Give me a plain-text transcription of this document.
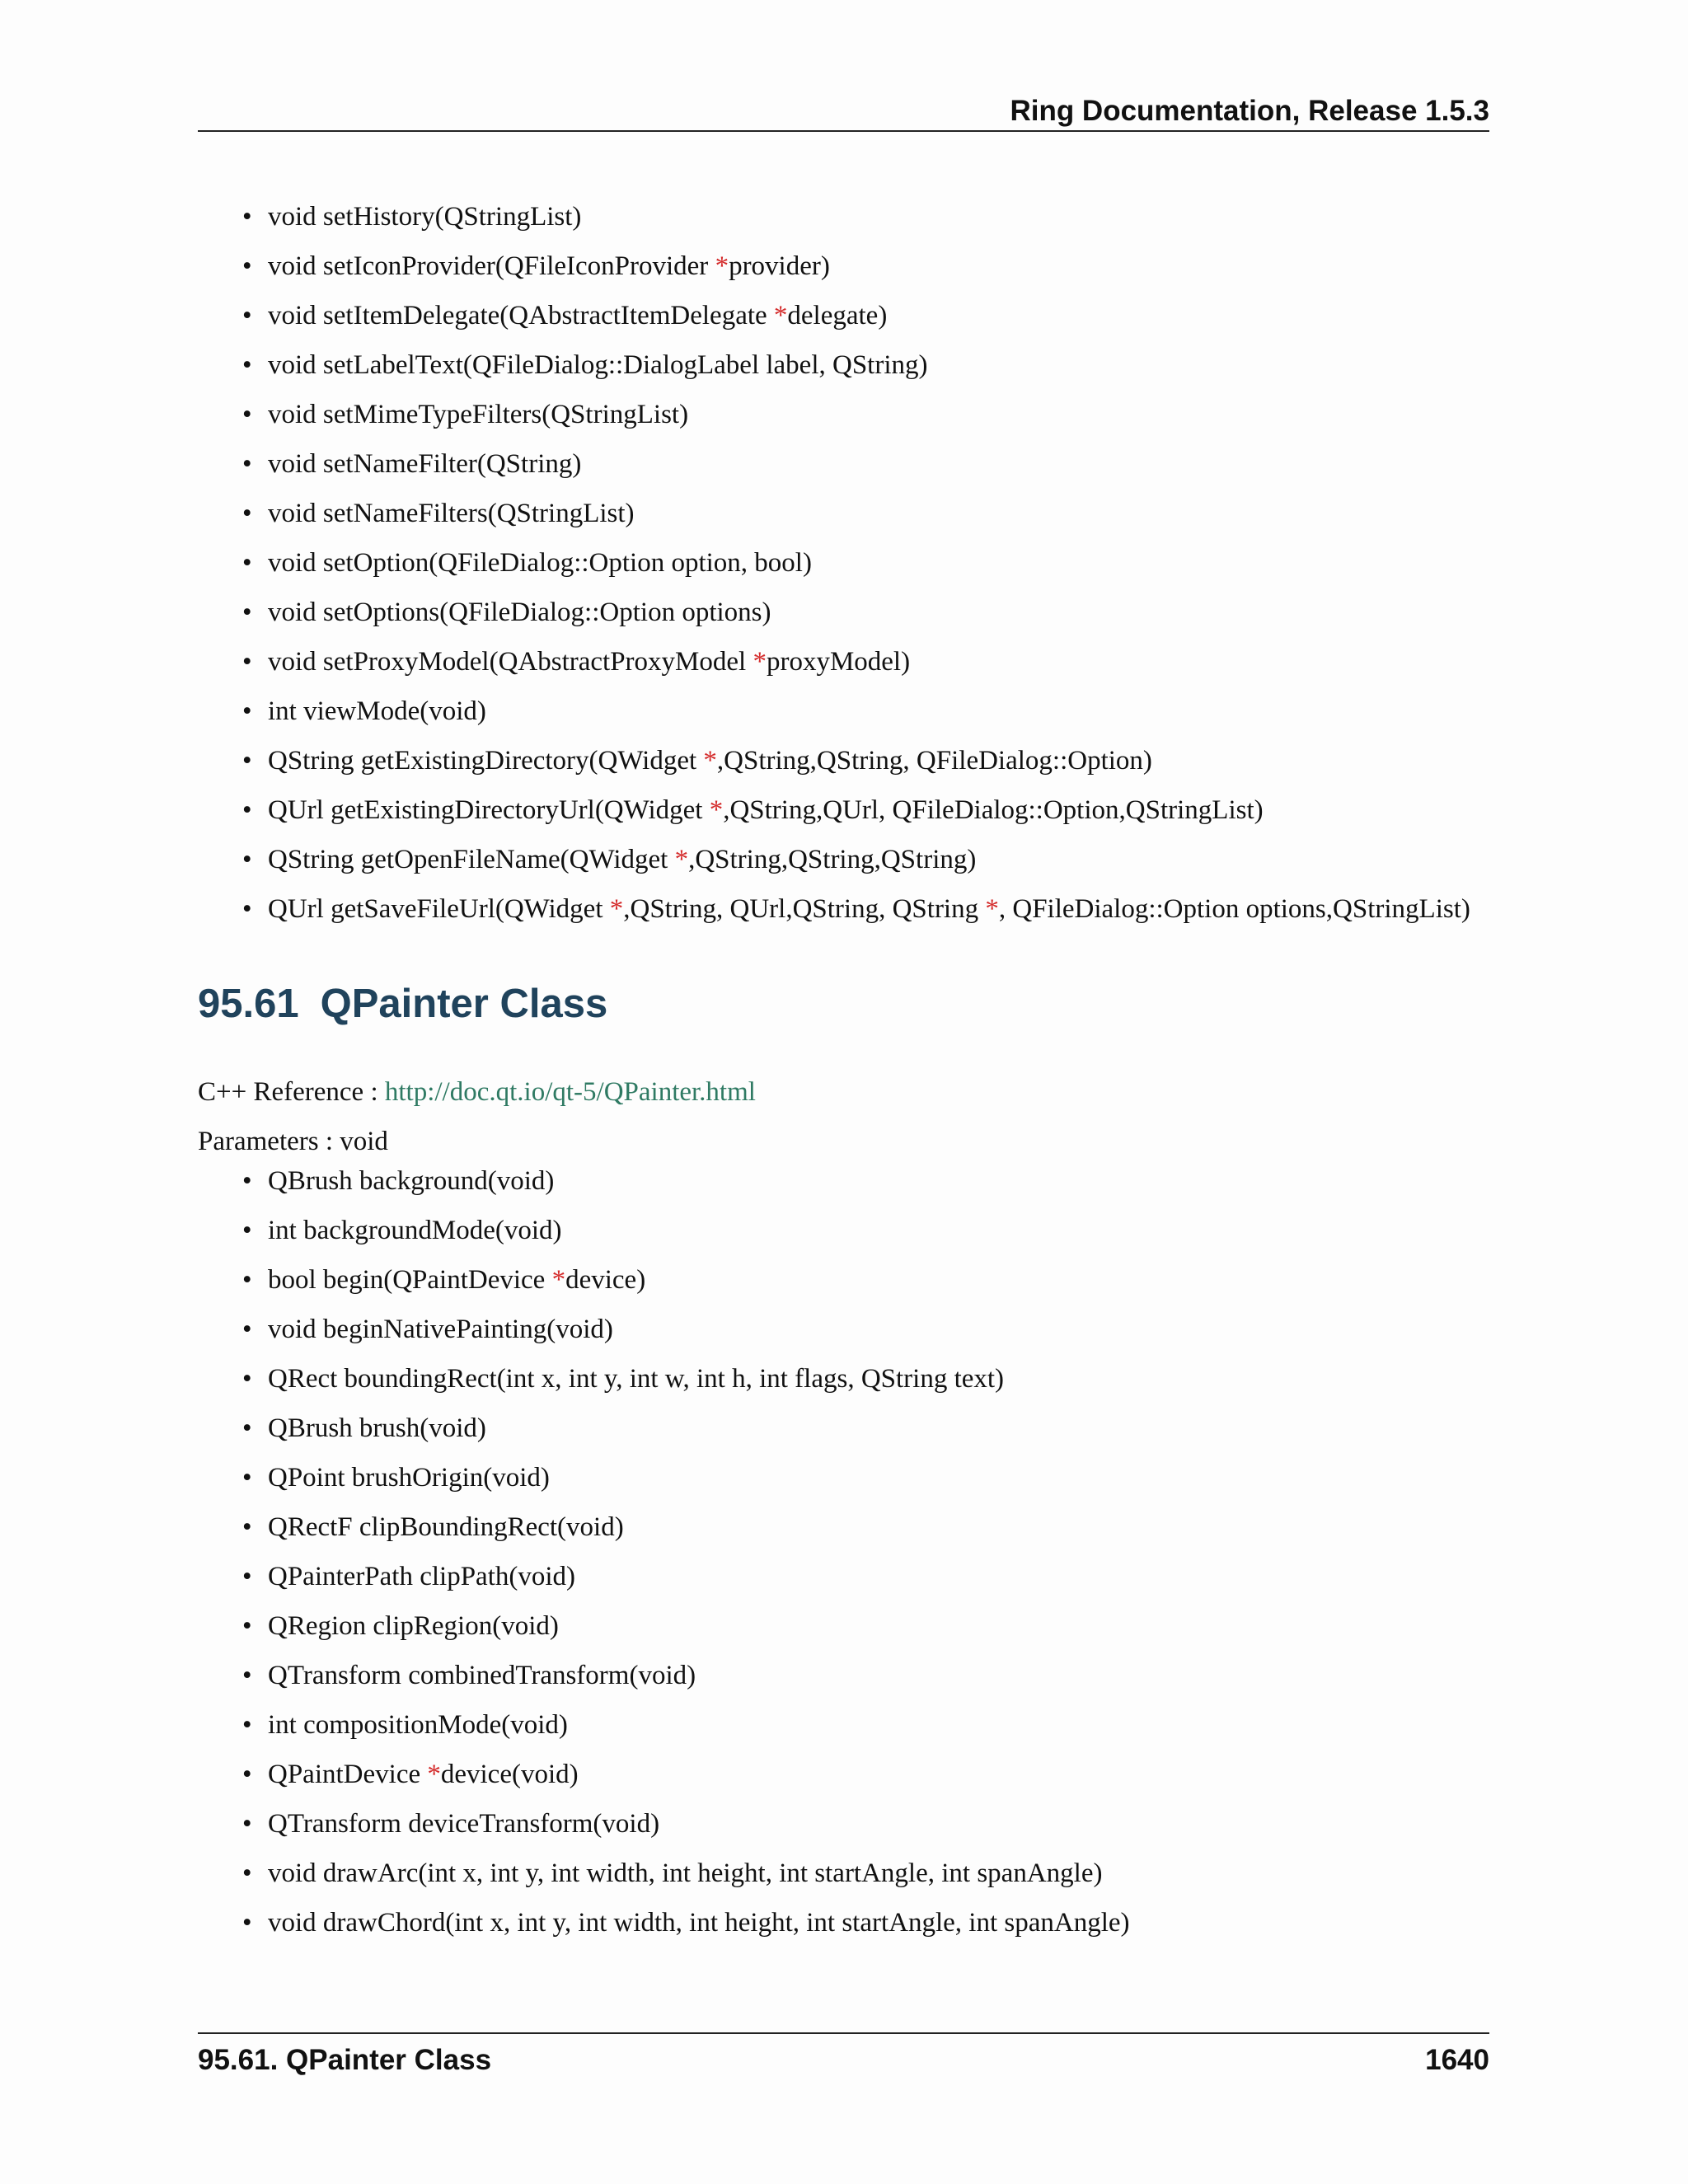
Ring Documentation, Release 1.5.3
• void setHistory(QStringList)
• void setIconProvider(QFileIconProvider *provider)
• void setItemDelegate(QAbstractItemDelegate *delegate)
• void setLabelText(QFileDialog::DialogLabel label, QString)
• void setMimeTypeFilters(QStringList)
• void setNameFilter(QString)
• void setNameFilters(QStringList)
• void setOption(QFileDialog::Option option, bool)
• void setOptions(QFileDialog::Option options)
• void setProxyModel(QAbstractProxyModel *proxyModel)
• int viewMode(void)
• QString getExistingDirectory(QWidget *,QString,QString, QFileDialog::Option)
• QUrl getExistingDirectoryUrl(QWidget *,QString,QUrl, QFileDialog::Option,QStringList)
• QString getOpenFileName(QWidget *,QString,QString,QString)
• QUrl getSaveFileUrl(QWidget *,QString, QUrl,QString, QString *, QFileDialog::Option options,QStringList)
95.61 QPainter Class
C++ Reference : http://doc.qt.io/qt-5/QPainter.html
Parameters : void
• QBrush background(void)
• int backgroundMode(void)
• bool begin(QPaintDevice *device)
• void beginNativePainting(void)
• QRect boundingRect(int x, int y, int w, int h, int flags, QString text)
• QBrush brush(void)
• QPoint brushOrigin(void)
• QRectF clipBoundingRect(void)
• QPainterPath clipPath(void)
• QRegion clipRegion(void)
• QTransform combinedTransform(void)
• int compositionMode(void)
• QPaintDevice *device(void)
• QTransform deviceTransform(void)
• void drawArc(int x, int y, int width, int height, int startAngle, int spanAngle)
• void drawChord(int x, int y, int width, int height, int startAngle, int spanAngle)
95.61. QPainter Class	1640
